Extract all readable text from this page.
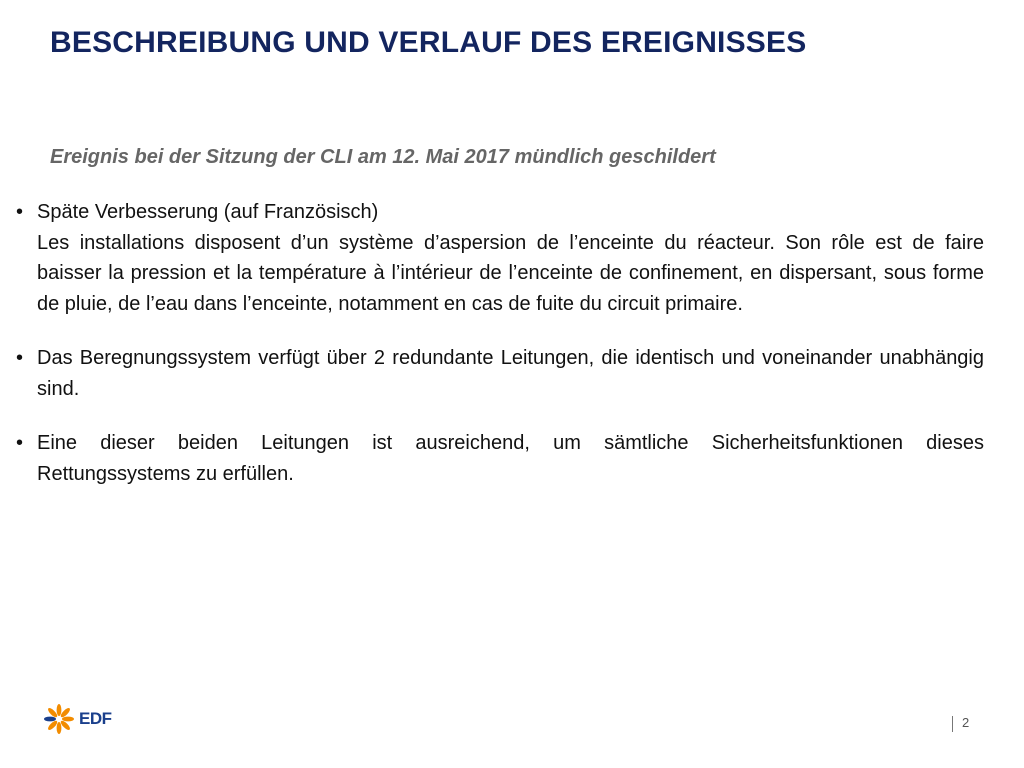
BESCHREIBUNG UND VERLAUF DES EREIGNISSES
Ereignis bei der Sitzung der CLI am 12. Mai 2017 mündlich geschildert
• Späte Verbesserung (auf Französisch)
Les installations disposent d’un système d’aspersion de l’enceinte du réacteur. Son rôle est de faire baisser la pression et la température à l’intérieur de l’enceinte de confinement, en dispersant, sous forme de pluie, de l’eau dans l’enceinte, notamment en cas de fuite du circuit primaire.
• Das Beregnungssystem verfügt über 2 redundante Leitungen, die identisch und voneinander unabhängig sind.
• Eine dieser beiden Leitungen ist ausreichend, um sämtliche Sicherheitsfunktionen dieses Rettungssystems zu erfüllen.
EDF	2
